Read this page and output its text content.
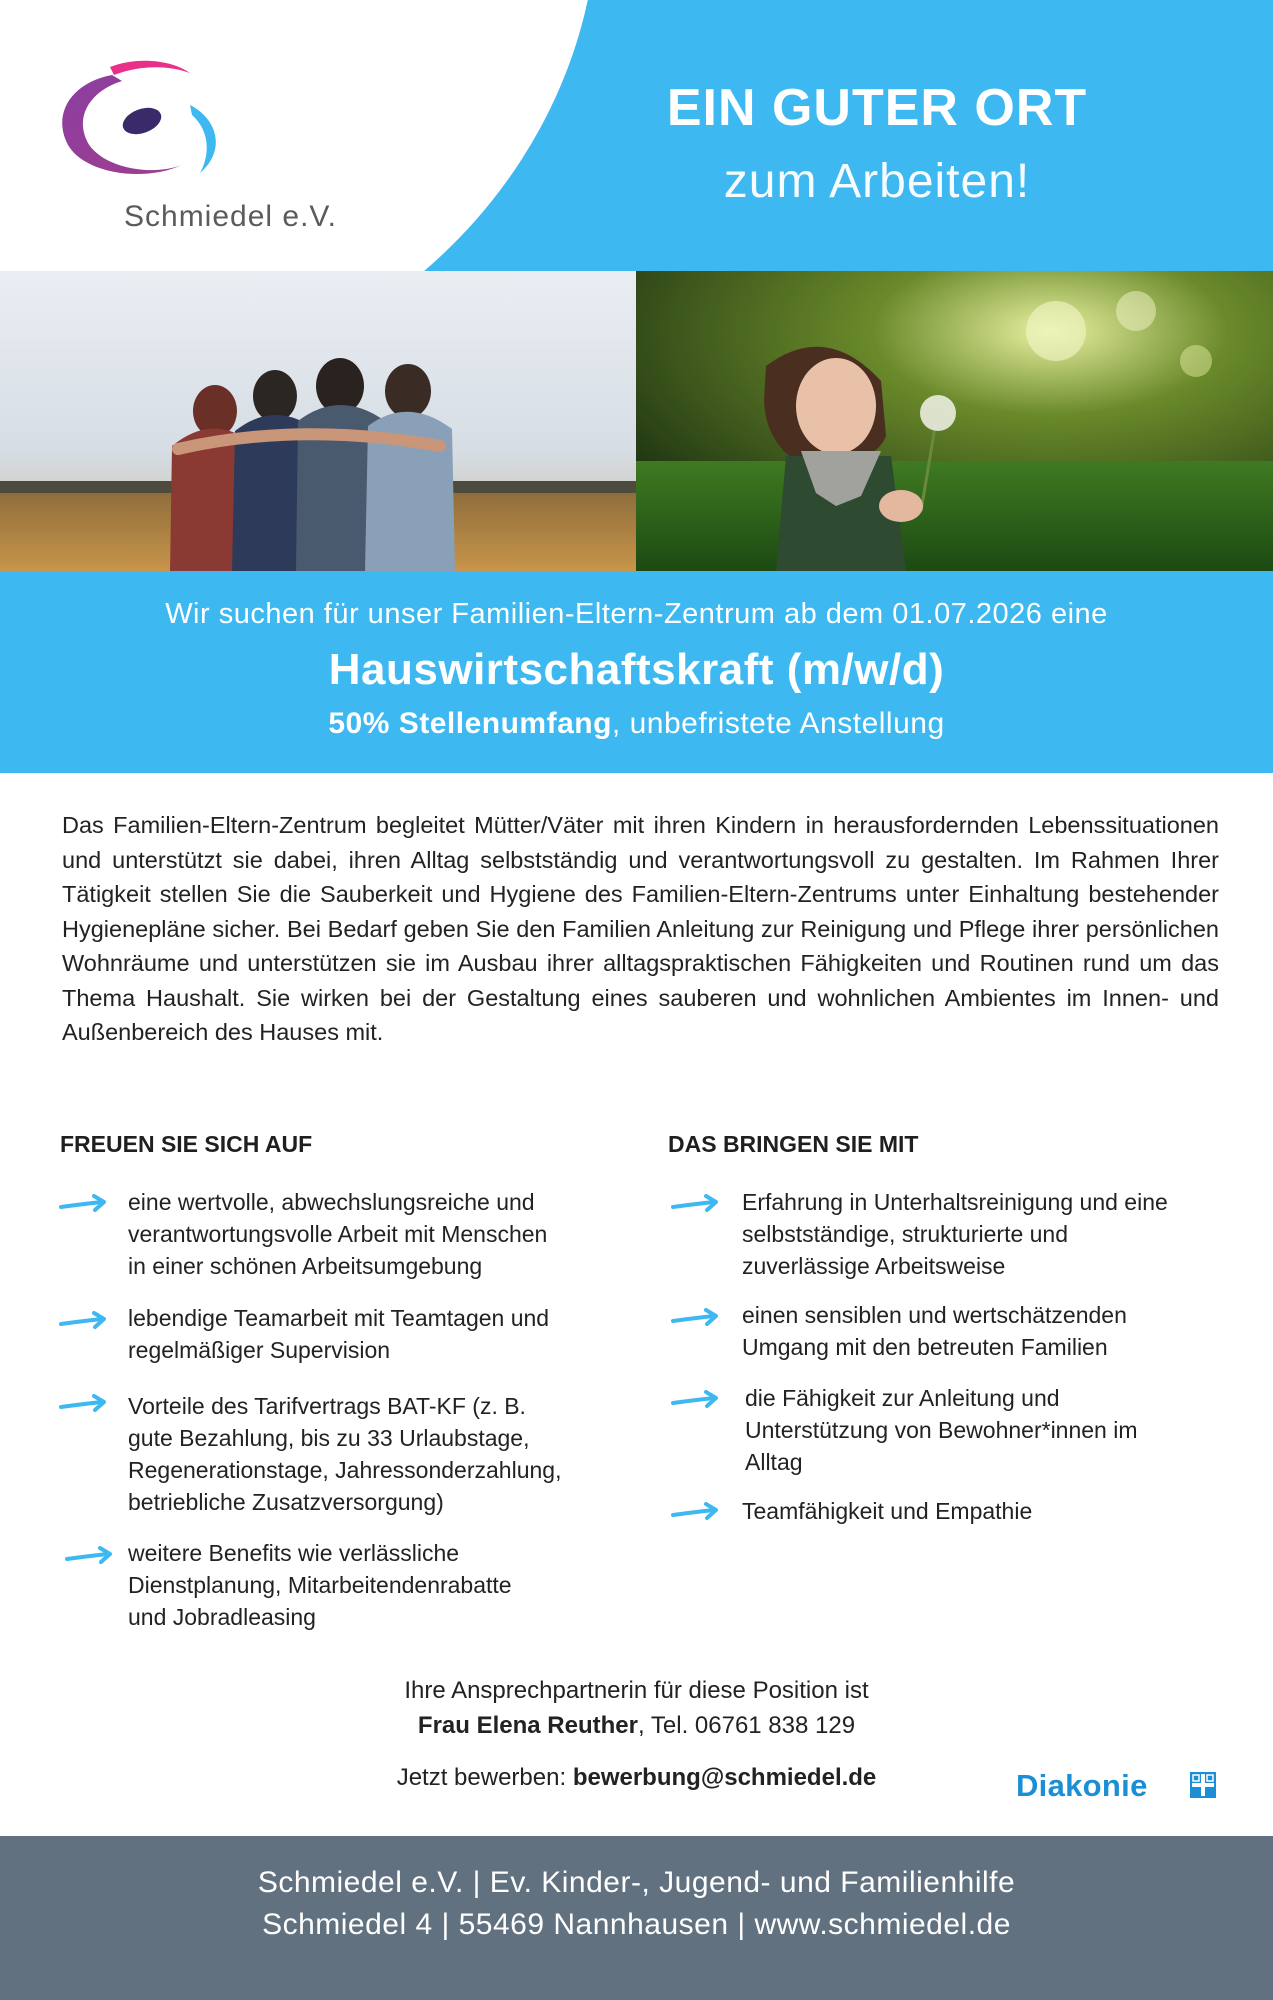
Schmiedel e.V.
EIN GUTER ORT
zum Arbeiten!
Wir suchen für unser Familien-Eltern-Zentrum ab dem 01.07.2026 eine
Hauswirtschaftskraft (m/w/d)
50% Stellenumfang, unbefristete Anstellung
Das Familien-Eltern-Zentrum begleitet Mütter/Väter mit ihren Kindern in herausfordernden Lebenssituationen und unterstützt sie dabei, ihren Alltag selbstständig und verantwortungsvoll zu gestalten. Im Rahmen Ihrer Tätigkeit stellen Sie die Sauberkeit und Hygiene des Familien-Eltern-Zentrums unter Einhaltung bestehender Hygienepläne sicher. Bei Bedarf geben Sie den Familien Anleitung zur Reinigung und Pflege ihrer persönlichen Wohnräume und unterstützen sie im Ausbau ihrer alltagspraktischen Fähigkeiten und Routinen rund um das Thema Haushalt. Sie wirken bei der Gestaltung eines sauberen und wohnlichen Ambientes im Innen- und Außenbereich des Hauses mit.
FREUEN SIE SICH AUF
eine wertvolle, abwechslungsreiche und
verantwortungsvolle Arbeit mit Menschen
in einer schönen Arbeitsumgebung
lebendige Teamarbeit mit Teamtagen und
regelmäßiger Supervision
Vorteile des Tarifvertrags BAT-KF (z. B.
gute Bezahlung, bis zu 33 Urlaubstage,
Regenerationstage, Jahressonderzahlung,
betriebliche Zusatzversorgung)
weitere Benefits wie verlässliche
Dienstplanung, Mitarbeitendenrabatte
und Jobradleasing
DAS BRINGEN SIE MIT
Erfahrung in Unterhaltsreinigung und eine
selbstständige, strukturierte und
zuverlässige Arbeitsweise
einen sensiblen und wertschätzenden
Umgang mit den betreuten Familien
die Fähigkeit zur Anleitung und
Unterstützung von Bewohner*innen im
Alltag
Teamfähigkeit und Empathie
Ihre Ansprechpartnerin für diese Position ist
Frau Elena Reuther, Tel. 06761 838 129
Jetzt bewerben: bewerbung@schmiedel.de	Diakonie
Schmiedel e.V. | Ev. Kinder-, Jugend- und Familienhilfe
Schmiedel 4 | 55469 Nannhausen | www.schmiedel.de
